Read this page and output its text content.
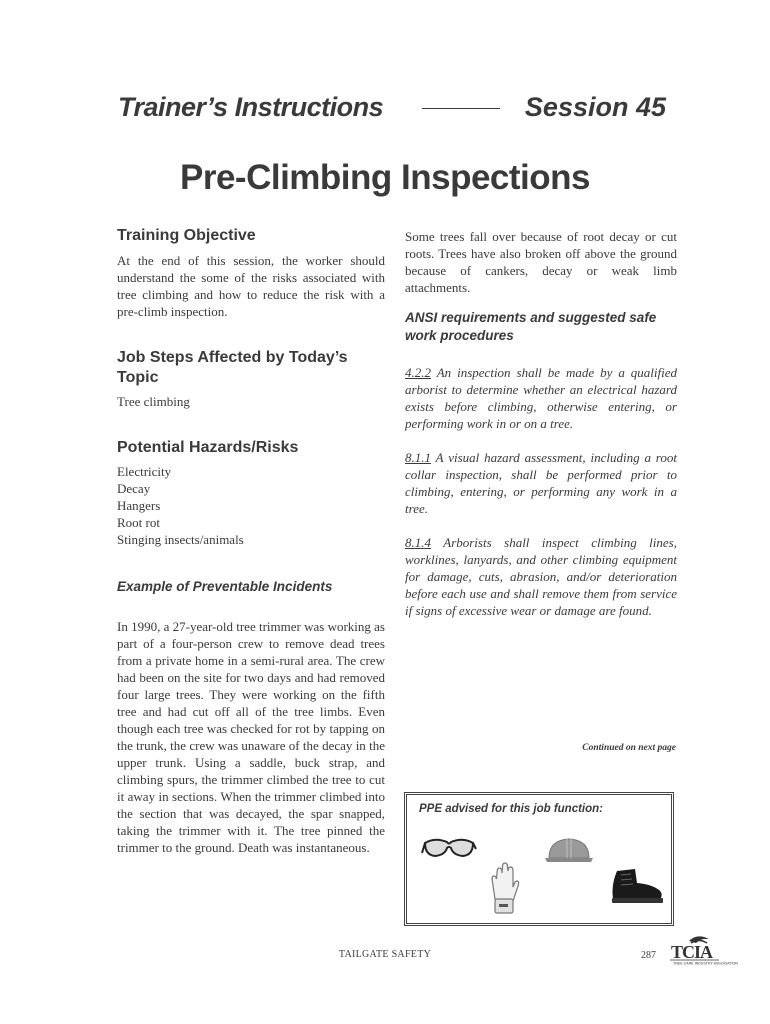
Trainer’s Instructions	Session 45
Pre-Climbing Inspections
Training Objective

At the end of this session, the worker should understand the some of the risks associated with tree climbing and how to reduce the risk with a pre-climb inspection.

Job Steps Affected by Today’s Topic

Tree climbing

Potential Hazards/Risks
Electricity
Decay
Hangers
Root rot
Stinging insects/animals
Example of Preventable Incidents

In 1990, a 27-year-old tree trimmer was working as part of a four-person crew to remove dead trees from a private home in a semi-rural area. The crew had been on the site for two days and had removed four large trees. They were working on the fifth tree and had cut off all of the tree limbs. Even though each tree was checked for rot by tapping on the trunk, the crew was unaware of the decay in the upper trunk. Using a saddle, buck strap, and climbing spurs, the trimmer climbed the tree to cut it away in sections. When the trimmer climbed into the section that was decayed, the spar snapped, taking the trimmer with it. The tree pinned the trimmer to the ground. Death was instantaneous.

Some trees fall over because of root decay or cut roots. Trees have also broken off above the ground because of cankers, decay or weak limb attachments.

ANSI requirements and suggested safe work procedures

4.2.2 An inspection shall be made by a qualified arborist to determine whether an electrical hazard exists before climbing, otherwise entering, or performing work in or on a tree.

8.1.1 A visual hazard assessment, including a root collar inspection, shall be performed prior to climbing, entering, or performing any work in a tree.

8.1.4 Arborists shall inspect climbing lines, worklines, lanyards, and other climbing equipment for damage, cuts, abrasion, and/or deterioration before each use and shall remove them from service if signs of excessive wear or damage are found.

Continued on next page
PPE advised for this job function:
TAILGATE SAFETY	287 TCIA
TREE CARE INDUSTRY ASSOCIATION
